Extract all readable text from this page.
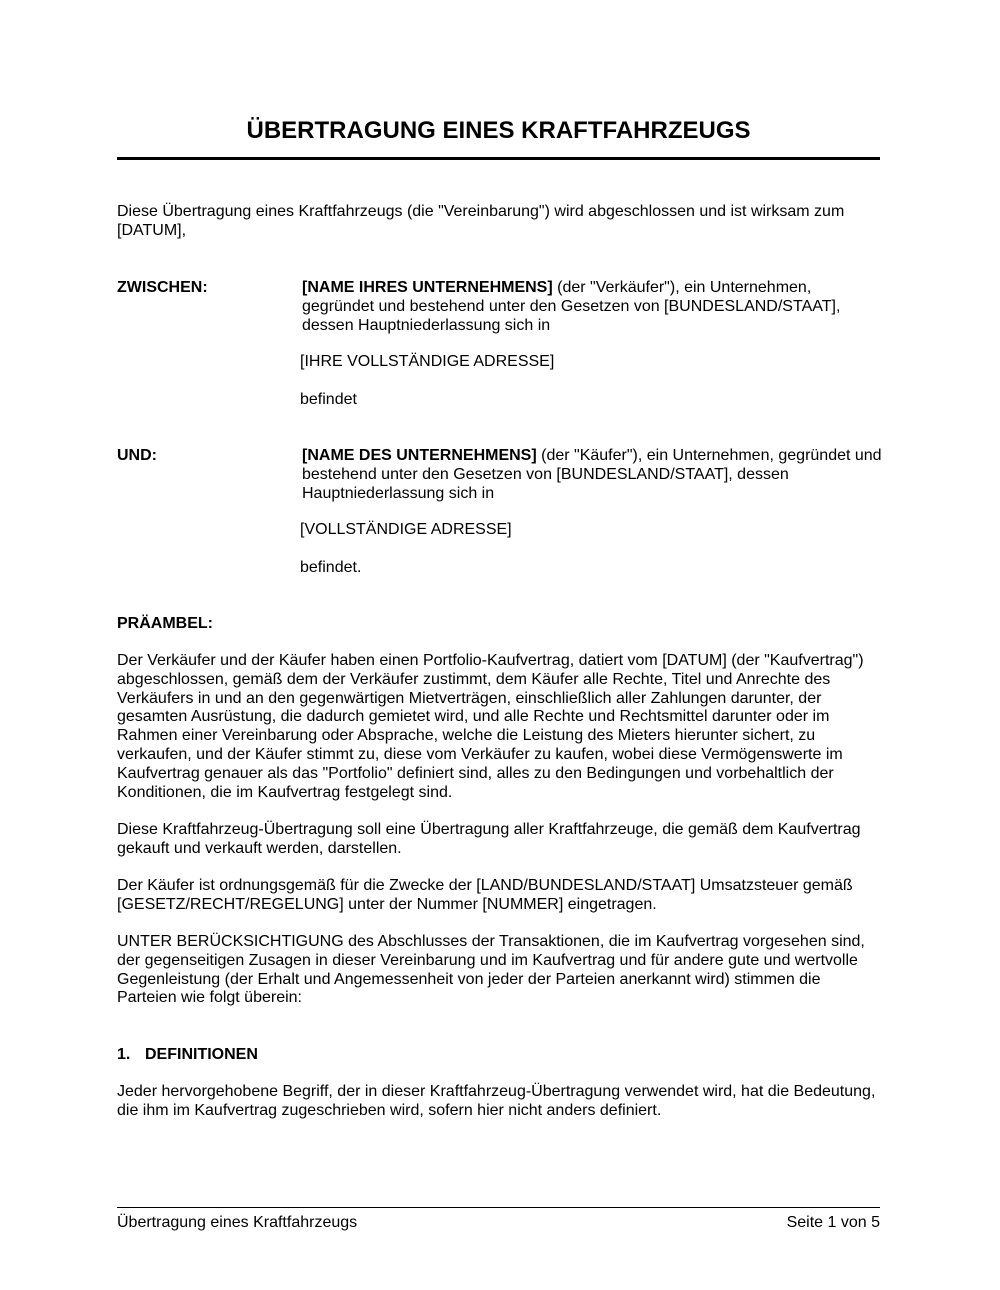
ÜBERTRAGUNG EINES KRAFTFAHRZEUGS
Diese Übertragung eines Kraftfahrzeugs (die "Vereinbarung") wird abgeschlossen und ist wirksam zum [DATUM],
ZWISCHEN:	[NAME IHRES UNTERNEHMENS] (der "Verkäufer"), ein Unternehmen, gegründet und bestehend unter den Gesetzen von [BUNDESLAND/STAAT], dessen Hauptniederlassung sich in
[IHRE VOLLSTÄNDIGE ADRESSE]
befindet
UND:	[NAME DES UNTERNEHMENS] (der "Käufer"), ein Unternehmen, gegründet und bestehend unter den Gesetzen von [BUNDESLAND/STAAT], dessen Hauptniederlassung sich in
[VOLLSTÄNDIGE ADRESSE]
befindet.
PRÄAMBEL:
Der Verkäufer und der Käufer haben einen Portfolio-Kaufvertrag, datiert vom [DATUM] (der "Kaufvertrag") abgeschlossen, gemäß dem der Verkäufer zustimmt, dem Käufer alle Rechte, Titel und Anrechte des Verkäufers in und an den gegenwärtigen Mietverträgen, einschließlich aller Zahlungen darunter, der gesamten Ausrüstung, die dadurch gemietet wird, und alle Rechte und Rechtsmittel darunter oder im Rahmen einer Vereinbarung oder Absprache, welche die Leistung des Mieters hierunter sichert, zu verkaufen, und der Käufer stimmt zu, diese vom Verkäufer zu kaufen, wobei diese Vermögenswerte im Kaufvertrag genauer als das "Portfolio" definiert sind, alles zu den Bedingungen und vorbehaltlich der Konditionen, die im Kaufvertrag festgelegt sind.
Diese Kraftfahrzeug-Übertragung soll eine Übertragung aller Kraftfahrzeuge, die gemäß dem Kaufvertrag gekauft und verkauft werden, darstellen.
Der Käufer ist ordnungsgemäß für die Zwecke der [LAND/BUNDESLAND/STAAT] Umsatzsteuer gemäß [GESETZ/RECHT/REGELUNG] unter der Nummer [NUMMER] eingetragen.
UNTER BERÜCKSICHTIGUNG des Abschlusses der Transaktionen, die im Kaufvertrag vorgesehen sind, der gegenseitigen Zusagen in dieser Vereinbarung und im Kaufvertrag und für andere gute und wertvolle Gegenleistung (der Erhalt und Angemessenheit von jeder der Parteien anerkannt wird) stimmen die Parteien wie folgt überein:
1. DEFINITIONEN
Jeder hervorgehobene Begriff, der in dieser Kraftfahrzeug-Übertragung verwendet wird, hat die Bedeutung, die ihm im Kaufvertrag zugeschrieben wird, sofern hier nicht anders definiert.
Übertragung eines Kraftfahrzeugs	Seite 1 von 5
